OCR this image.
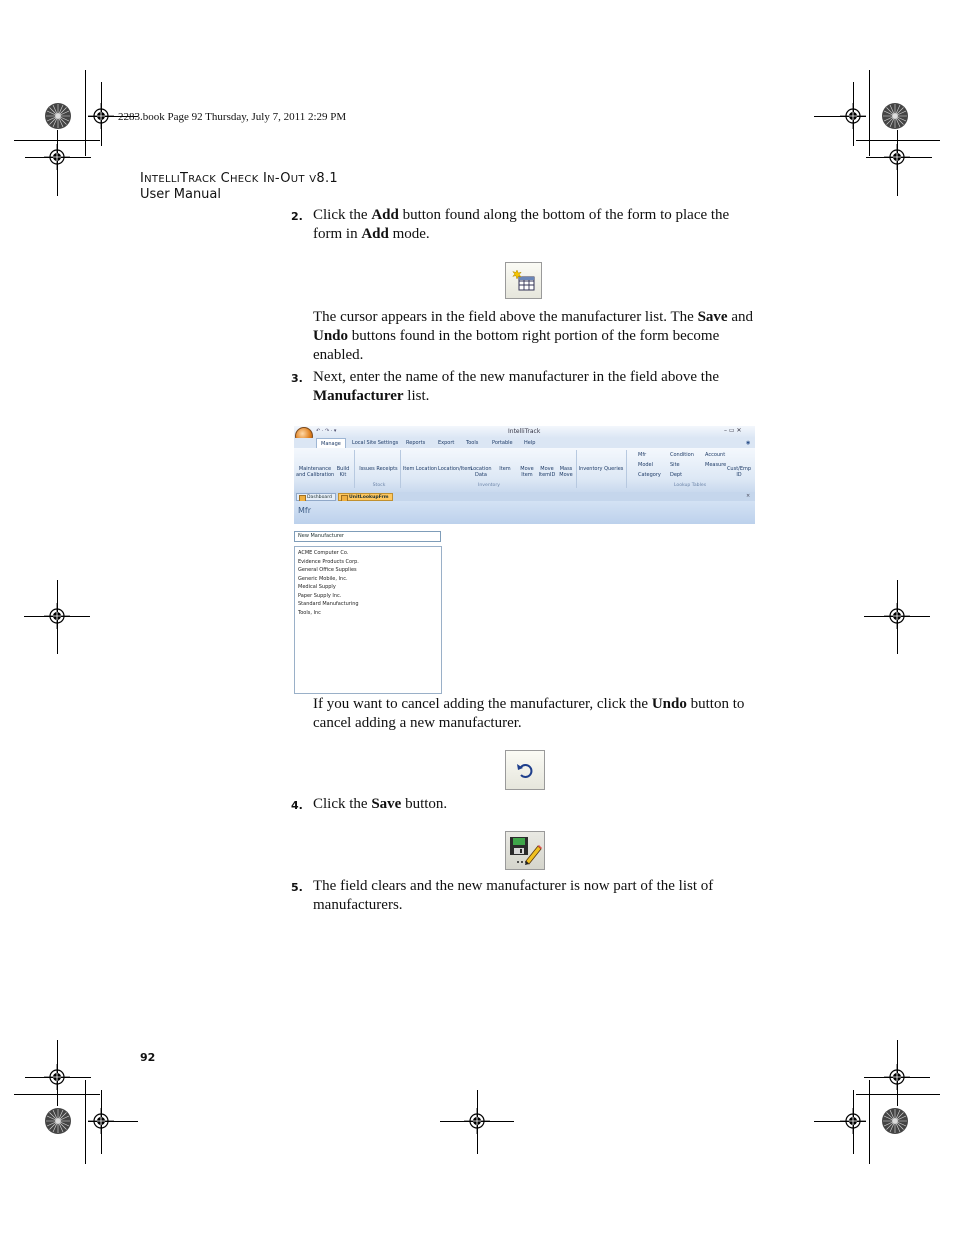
2283.book Page 92 Thursday, July 7, 2011 2:29 PM
INTELLITRACK CHECK IN-OUT V8.1
User Manual
2. Click the Add button found along the bottom of the form to place the form in Add mode.
The cursor appears in the field above the manufacturer list. The Save and Undo buttons found in the bottom right portion of the form become enabled.
3. Next, enter the name of the new manufacturer in the field above the Manufacturer list.
↶ · ↷ · ▾	IntelliTrack	– ▭ ✕
Manage	Local Site Settings Reports	Export Tools	Portable Help	◉
Maintenance
and Calibration
Build
Kit
Issues Receipts Item Location Location/Item
Location
Data
Item Move
Item
Move
ItemID
Mass
Move
Inventory Queries
Mfr
Model
Category
Condition
Site
Dept
Account
Measure
Cust/Emp
ID
Stock	Inventory	Lookup Tables
Dashboard	UnitLookupFrm	×
Mfr
New Manufacturer
ACME Computer Co.
Evidence Products Corp.
General Office Supplies
Generic Mobile, Inc.
Medical Supply
Paper Supply Inc.
Standard Manufacturing
Tools, Inc
If you want to cancel adding the manufacturer, click the Undo button to cancel adding a new manufacturer.
4. Click the Save button.
5. The field clears and the new manufacturer is now part of the list of manufacturers.
92
